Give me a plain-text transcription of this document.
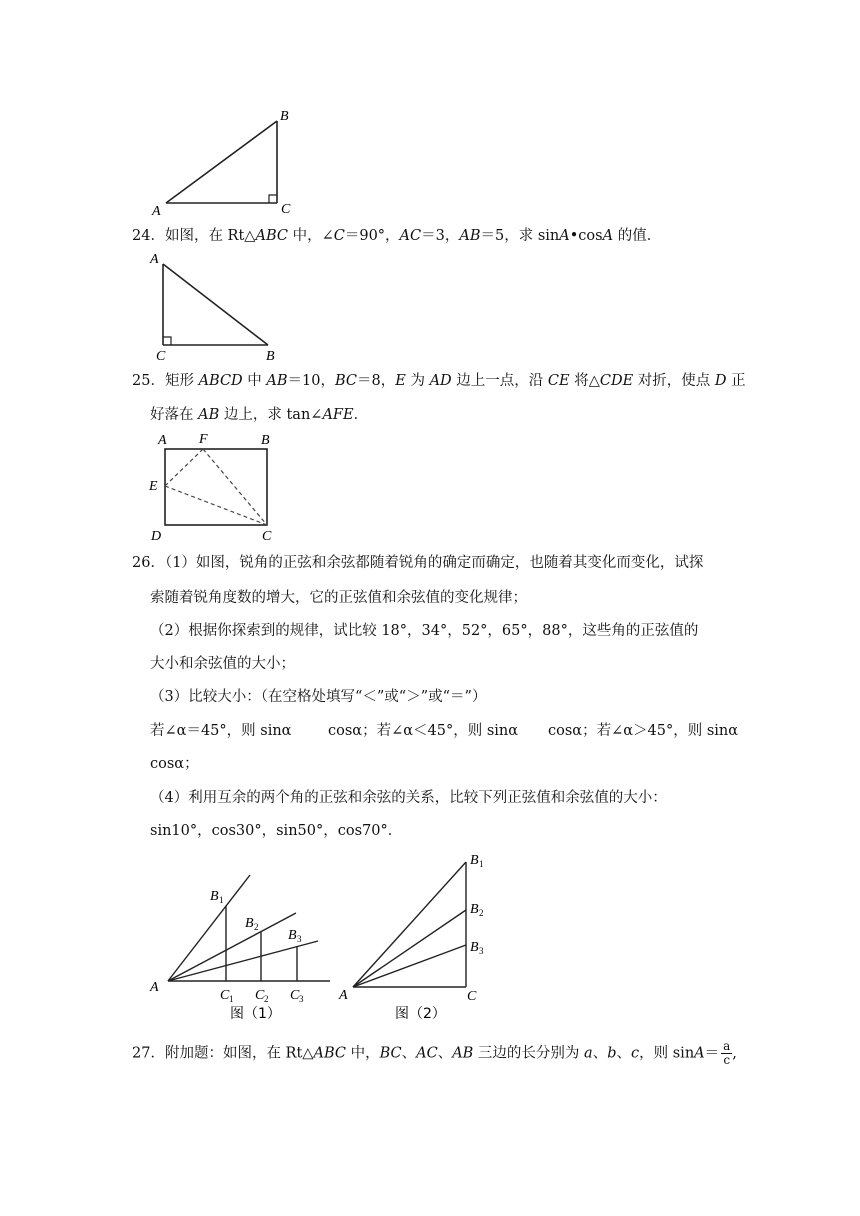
A
B
C
24．如图，在 Rt△ABC 中，∠C＝90°，AC＝3，AB＝5，求 sinA•cosA 的值．
A
C	B
25．矩形 ABCD 中 AB＝10，BC＝8，E 为 AD 边上一点，沿 CE 将△CDE 对折，使点 D 正
好落在 AB 边上，求 tan∠AFE．
A F	B
E
D	C
26．（1）如图，锐角的正弦和余弦都随着锐角的确定而确定，也随着其变化而变化，试探
索随着锐角度数的增大，它的正弦值和余弦值的变化规律；
（2）根据你探索到的规律，试比较 18°，34°，52°，65°，88°，这些角的正弦值的
大小和余弦值的大小；
（3）比较大小：（在空格处填写“＜”或“＞”或“＝”）
若∠α＝45°，则 sinα	cosα；若∠α＜45°，则 sinα cosα；若∠α＞45°，则 sinα
cosα；
（4）利用互余的两个角的正弦和余弦的关系，比较下列正弦值和余弦值的大小：
sin10°，cos30°，sin50°，cos70°．
A
B 1
B 2
B 3
C 1 C 2 C 3
图（1）
A	C
B 1
B 2
B 3
图（2）
27．附加题：如图，在 Rt△ABC 中，BC、AC、AB 三边的长分别为 a、b、c，则 $\sin A= \frac{a}{c}$ ,
